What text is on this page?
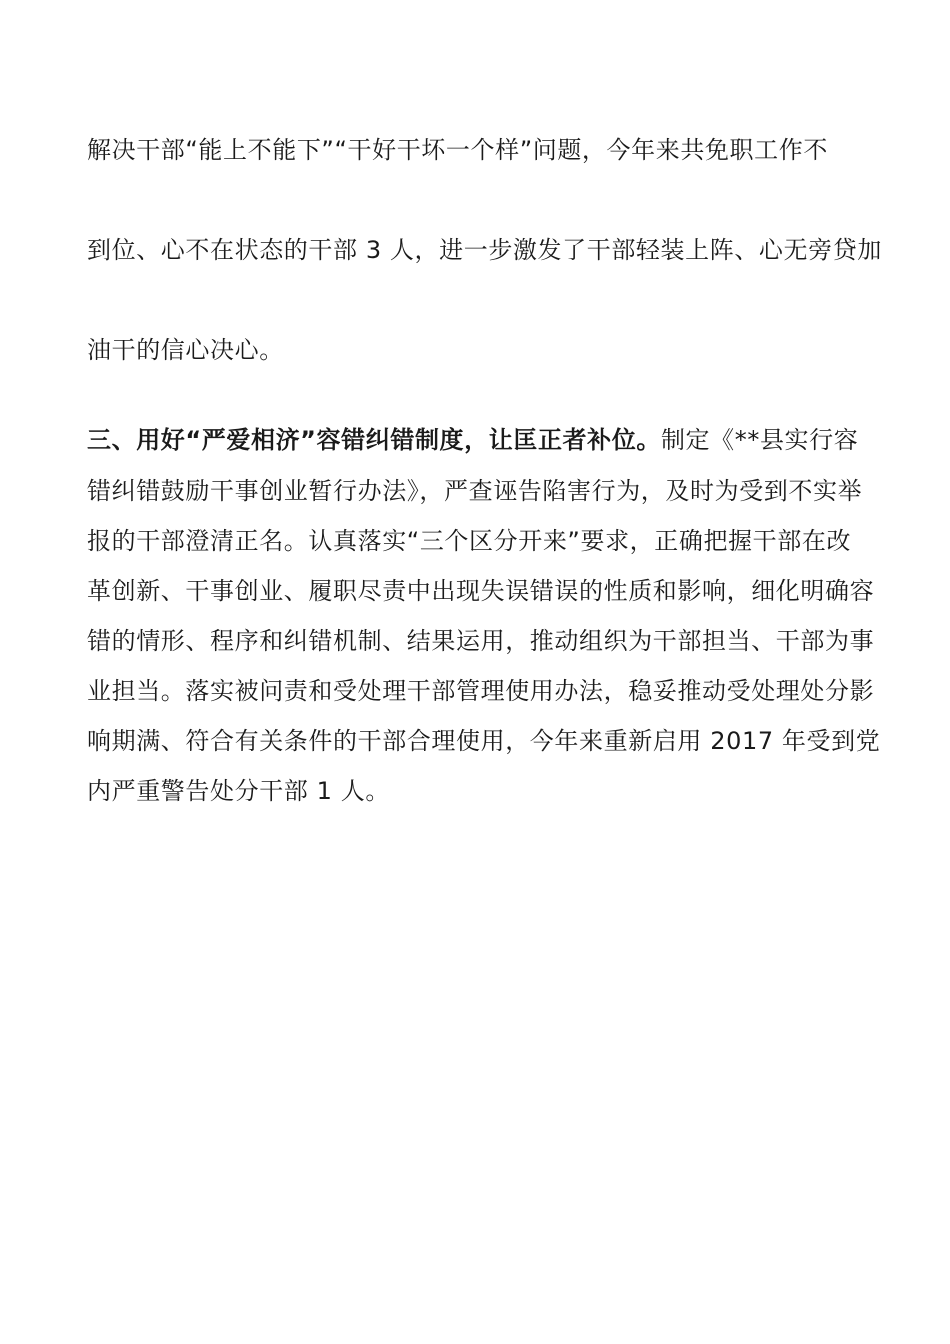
解决干部“能上不能下”“干好干坏一个样”问题，今年来共免职工作不
到位、心不在状态的干部 3 人，进一步激发了干部轻装上阵、心无旁贷加
油干的信心决心。
三、用好“严爱相济”容错纠错制度，让匡正者补位。制定《**县实行容
错纠错鼓励干事创业暂行办法》，严查诬告陷害行为，及时为受到不实举
报的干部澄清正名。认真落实“三个区分开来”要求，正确把握干部在改
革创新、干事创业、履职尽责中出现失误错误的性质和影响，细化明确容
错的情形、程序和纠错机制、结果运用，推动组织为干部担当、干部为事
业担当。落实被问责和受处理干部管理使用办法，稳妥推动受处理处分影
响期满、符合有关条件的干部合理使用，今年来重新启用 2017 年受到党
内严重警告处分干部 1 人。
